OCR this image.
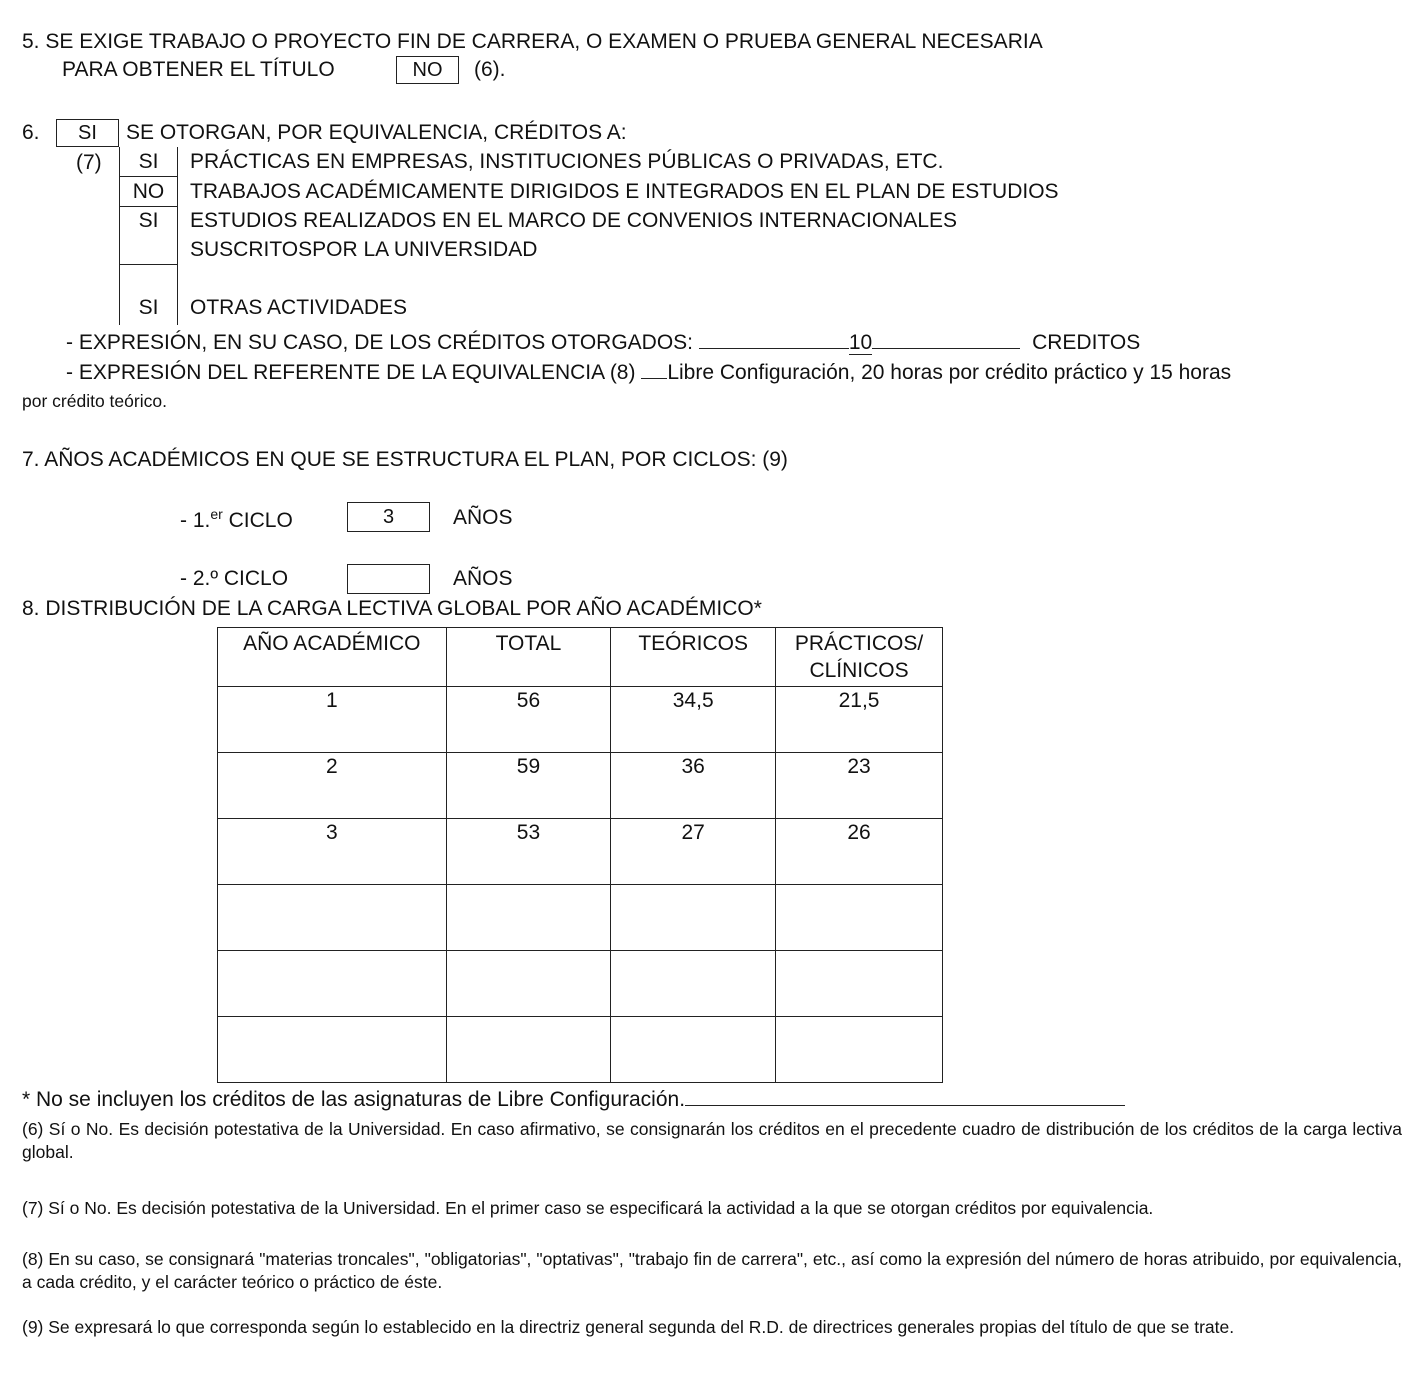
5. SE EXIGE TRABAJO O PROYECTO FIN DE CARRERA, O EXAMEN O PRUEBA GENERAL NECESARIA
PARA OBTENER EL TÍTULO	NO	(6).
6.	SI	SE OTORGAN, POR EQUIVALENCIA, CRÉDITOS A:
(7)	SI	PRÁCTICAS EN EMPRESAS, INSTITUCIONES PÚBLICAS O PRIVADAS, ETC.
NO	TRABAJOS ACADÉMICAMENTE DIRIGIDOS E INTEGRADOS EN EL PLAN DE ESTUDIOS
SI	ESTUDIOS REALIZADOS EN EL MARCO DE CONVENIOS INTERNACIONALES
SUSCRITOSPOR LA UNIVERSIDAD
SI	OTRAS ACTIVIDADES
- EXPRESIÓN, EN SU CASO, DE LOS CRÉDITOS OTORGADOS:	10	CREDITOS
- EXPRESIÓN DEL REFERENTE DE LA EQUIVALENCIA (8) Libre Configuración, 20 horas por crédito práctico y 15 horas
por crédito teórico.
7. AÑOS ACADÉMICOS EN QUE SE ESTRUCTURA EL PLAN, POR CICLOS: (9)
- 1.$^{er}$ CICLO	3	AÑOS
- 2.º CICLO	AÑOS
8. DISTRIBUCIÓN DE LA CARGA LECTIVA GLOBAL POR AÑO ACADÉMICO*
AÑO ACADÉMICO	TOTAL	TEÓRICOS	PRÁCTICOS/
CLÍNICOS
1	56	34,5	21,5
2	59	36	23
3	53	27	26

* No se incluyen los créditos de las asignaturas de Libre Configuración.
(6) Sí o No. Es decisión potestativa de la Universidad. En caso afirmativo, se consignarán los créditos en el precedente cuadro de distribución de los créditos de la carga lectiva global.
(7) Sí o No. Es decisión potestativa de la Universidad. En el primer caso se especificará la actividad a la que se otorgan créditos por equivalencia.
(8) En su caso, se consignará "materias troncales", "obligatorias", "optativas", "trabajo fin de carrera", etc., así como la expresión del número de horas atribuido, por equivalencia, a cada crédito, y el carácter teórico o práctico de éste.
(9) Se expresará lo que corresponda según lo establecido en la directriz general segunda del R.D. de directrices generales propias del título de que se trate.
